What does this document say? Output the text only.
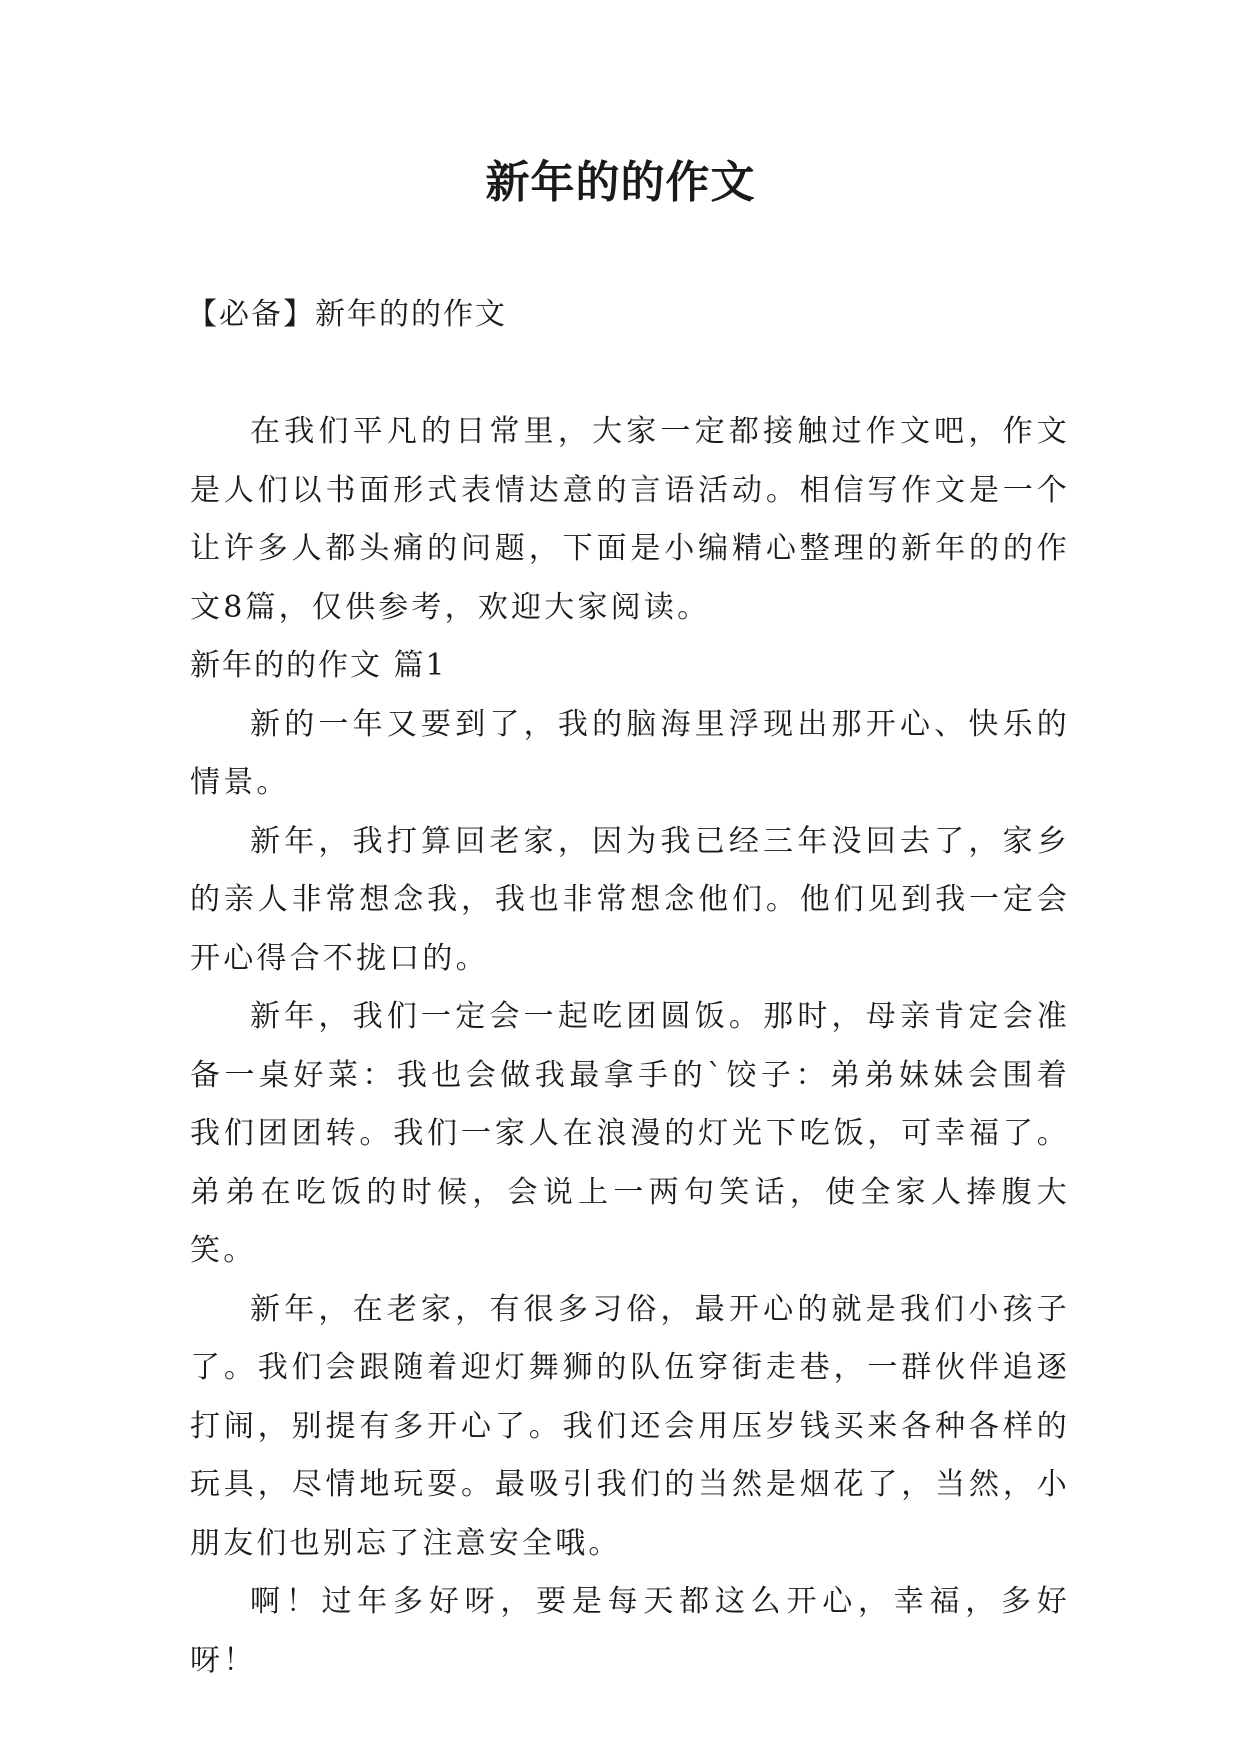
新年的的作文
【必备】新年的的作文

在我们平凡的日常里，大家一定都接触过作文吧，作文是人们以书面形式表情达意的言语活动。相信写作文是一个让许多人都头痛的问题，下面是小编精心整理的新年的的作文8篇，仅供参考，欢迎大家阅读。

新年的的作文 篇1

新的一年又要到了，我的脑海里浮现出那开心、快乐的情景。

新年，我打算回老家，因为我已经三年没回去了，家乡的亲人非常想念我，我也非常想念他们。他们见到我一定会开心得合不拢口的。

新年，我们一定会一起吃团圆饭。那时，母亲肯定会准备一桌好菜：我也会做我最拿手的`饺子：弟弟妹妹会围着我们团团转。我们一家人在浪漫的灯光下吃饭，可幸福了。弟弟在吃饭的时候，会说上一两句笑话，使全家人捧腹大笑。

新年，在老家，有很多习俗，最开心的就是我们小孩子了。我们会跟随着迎灯舞狮的队伍穿街走巷，一群伙伴追逐打闹，别提有多开心了。我们还会用压岁钱买来各种各样的玩具，尽情地玩耍。最吸引我们的当然是烟花了，当然，小朋友们也别忘了注意安全哦。

啊！过年多好呀，要是每天都这么开心，幸福，多好呀！
